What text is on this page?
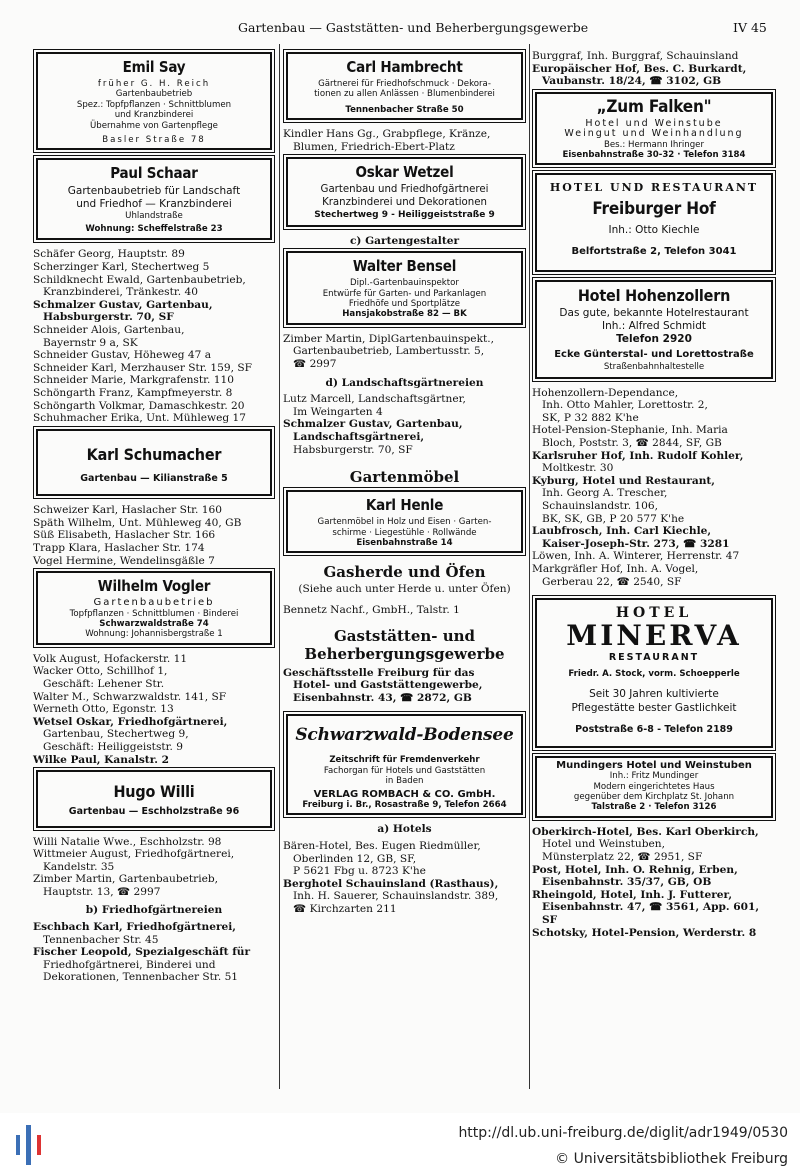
Gartenbau — Gaststätten- und Beherbergungsgewerbe	IV 45
Emil Say
früher G. H. Reich
Gartenbaubetrieb
Spez.: Topfpflanzen · Schnittblumen
und Kranzbinderei
Übernahme von Gartenpflege
Basler Straße 78
Paul Schaar
Gartenbaubetrieb für Landschaft
und Friedhof — Kranzbinderei
Uhlandstraße
Wohnung: Scheffelstraße 23

Schäfer Georg, Hauptstr. 89

Scherzinger Karl, Stechertweg 5

Schildknecht Ewald, Gartenbaubetrieb,

Kranzbinderei, Tränkestr. 40

Schmalzer Gustav, Gartenbau,

Habsburgerstr. 70, SF

Schneider Alois, Gartenbau,

Bayernstr 9 a, SK

Schneider Gustav, Höheweg 47 a

Schneider Karl, Merzhauser Str. 159, SF

Schneider Marie, Markgrafenstr. 110

Schöngarth Franz, Kampfmeyerstr. 8

Schöngarth Volkmar, Damaschkestr. 20

Schuhmacher Erika, Unt. Mühleweg 17

Karl Schumacher
Gartenbau — Kilianstraße 5

Schweizer Karl, Haslacher Str. 160

Späth Wilhelm, Unt. Mühleweg 40, GB

Süß Elisabeth, Haslacher Str. 166

Trapp Klara, Haslacher Str. 174

Vogel Hermine, Wendelinsgäßle 7

Wilhelm Vogler
Gartenbaubetrieb
Topfpflanzen · Schnittblumen · Binderei
Schwarzwaldstraße 74
Wohnung: Johannisbergstraße 1

Volk August, Hofackerstr. 11

Wacker Otto, Schillhof 1,

Geschäft: Lehener Str.

Walter M., Schwarzwaldstr. 141, SF

Werneth Otto, Egonstr. 13

Wetsel Oskar, Friedhofgärtnerei,

Gartenbau, Stechertweg 9,

Geschäft: Heiliggeiststr. 9

Wilke Paul, Kanalstr. 2

Hugo Willi
Gartenbau — Eschholzstraße 96

Willi Natalie Wwe., Eschholzstr. 98

Wittmeier August, Friedhofgärtnerei,

Kandelstr. 35

Zimber Martin, Gartenbaubetrieb,

Hauptstr. 13, ☎ 2997

b) Friedhofgärtnereien

Eschbach Karl, Friedhofgärtnerei,

Tennenbacher Str. 45

Fischer Leopold, Spezialgeschäft für

Friedhofgärtnerei, Binderei und

Dekorationen, Tennenbacher Str. 51

Carl Hambrecht
Gärtnerei für Friedhofschmuck · Dekora-
tionen zu allen Anlässen · Blumenbinderei
Tennenbacher Straße 50

Kindler Hans Gg., Grabpflege, Kränze,

Blumen, Friedrich-Ebert-Platz

Oskar Wetzel
Gartenbau und Friedhofgärtnerei
Kranzbinderei und Dekorationen
Stechertweg 9 - Heiliggeiststraße 9
c) Gartengestalter
Walter Bensel
Dipl.-Gartenbauinspektor
Entwürfe für Garten- und Parkanlagen
Friedhöfe und Sportplätze
Hansjakobstraße 82 — BK

Zimber Martin, DiplGartenbauinspekt.,

Gartenbaubetrieb, Lambertusstr. 5,

☎ 2997

d) Landschaftsgärtnereien

Lutz Marcell, Landschaftsgärtner,

Im Weingarten 4

Schmalzer Gustav, Gartenbau,

Landschaftsgärtnerei,

Habsburgerstr. 70, SF

Gartenmöbel
Karl Henle
Gartenmöbel in Holz und Eisen · Garten-
schirme · Liegestühle · Rollwände
Eisenbahnstraße 14
Gasherde und Öfen

(Siehe auch unter Herde u. unter Öfen)

Bennetz Nachf., GmbH., Talstr. 1

Gaststätten- und
Beherbergungsgewerbe

Geschäftsstelle Freiburg für das

Hotel- und Gaststättengewerbe,

Eisenbahnstr. 43, ☎ 2872, GB

Schwarzwald-Bodensee
Zeitschrift für Fremdenverkehr
Fachorgan für Hotels und Gaststätten
in Baden
VERLAG ROMBACH & CO. GmbH.
Freiburg i. Br., Rosastraße 9, Telefon 2664
a) Hotels

Bären-Hotel, Bes. Eugen Riedmüller,

Oberlinden 12, GB, SF,

P 5621 Fbg u. 8723 K'he

Berghotel Schauinsland (Rasthaus),

Inh. H. Sauerer, Schauinslandstr. 389,

☎ Kirchzarten 211

Burggraf, Inh. Burggraf, Schauinsland

Europäischer Hof, Bes. C. Burkardt,

Vaubanstr. 18/24, ☎ 3102, GB

„Zum Falken"
Hotel und Weinstube
Weingut und Weinhandlung
Bes.: Hermann Ihringer
Eisenbahnstraße 30-32 · Telefon 3184
HOTEL UND RESTAURANT
Freiburger Hof
Inh.: Otto Kiechle
Belfortstraße 2, Telefon 3041
Hotel Hohenzollern
Das gute, bekannte Hotelrestaurant
Inh.: Alfred Schmidt
Telefon 2920
Ecke Günterstal- und Lorettostraße
Straßenbahnhaltestelle

Hohenzollern-Dependance,

Inh. Otto Mahler, Lorettostr. 2,

SK, P 32 882 K'he

Hotel-Pension-Stephanie, Inh. Maria

Bloch, Poststr. 3, ☎ 2844, SF, GB

Karlsruher Hof, Inh. Rudolf Kohler,

Moltkestr. 30

Kyburg, Hotel und Restaurant,

Inh. Georg A. Trescher,

Schauinslandstr. 106,

BK, SK, GB, P 20 577 K'he

Laubfrosch, Inh. Carl Kiechle,

Kaiser-Joseph-Str. 273, ☎ 3281

Löwen, Inh. A. Winterer, Herrenstr. 47

Markgräfler Hof, Inh. A. Vogel,

Gerberau 22, ☎ 2540, SF

HOTEL
MINERVA
RESTAURANT
Friedr. A. Stock, vorm. Schoepperle
Seit 30 Jahren kultivierte
Pflegestätte bester Gastlichkeit
Poststraße 6-8 - Telefon 2189
Mundingers Hotel und Weinstuben
Inh.: Fritz Mundinger
Modern eingerichtetes Haus
gegenüber dem Kirchplatz St. Johann
Talstraße 2 · Telefon 3126

Oberkirch-Hotel, Bes. Karl Oberkirch,

Hotel und Weinstuben,

Münsterplatz 22, ☎ 2951, SF

Post, Hotel, Inh. O. Rehnig, Erben,

Eisenbahnstr. 35/37, GB, OB

Rheingold, Hotel, Inh. J. Futterer,

Eisenbahnstr. 47, ☎ 3561, App. 601,

SF

Schotsky, Hotel-Pension, Werderstr. 8

http://dl.ub.uni-freiburg.de/diglit/adr1949/0530
© Universitätsbibliothek Freiburg
